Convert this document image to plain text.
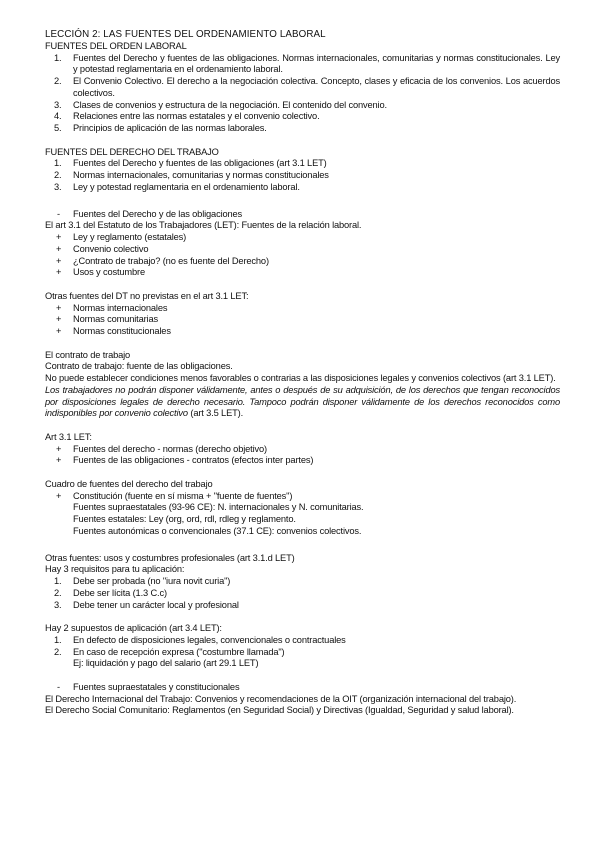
LECCIÓN 2: LAS FUENTES DEL ORDENAMIENTO LABORAL
FUENTES DEL ORDEN LABORAL
1. Fuentes del Derecho y fuentes de las obligaciones. Normas internacionales, comunitarias y normas constitucionales. Ley y potestad reglamentaria en el ordenamiento laboral.
2. El Convenio Colectivo. El derecho a la negociación colectiva. Concepto, clases y eficacia de los convenios. Los acuerdos colectivos.
3. Clases de convenios y estructura de la negociación. El contenido del convenio.
4. Relaciones entre las normas estatales y el convenio colectivo.
5. Principios de aplicación de las normas laborales.
FUENTES DEL DERECHO DEL TRABAJO
1. Fuentes del Derecho y fuentes de las obligaciones (art 3.1 LET)
2. Normas internacionales, comunitarias y normas constitucionales
3. Ley y potestad reglamentaria en el ordenamiento laboral.
- Fuentes del Derecho y de las obligaciones
El art 3.1 del Estatuto de los Trabajadores (LET): Fuentes de la relación laboral.
+ Ley y reglamento (estatales)
+ Convenio colectivo
+ ¿Contrato de trabajo? (no es fuente del Derecho)
+ Usos y costumbre
Otras fuentes del DT no previstas en el art 3.1 LET:
+ Normas internacionales
+ Normas comunitarias
+ Normas constitucionales
El contrato de trabajo
Contrato de trabajo: fuente de las obligaciones.
No puede establecer condiciones menos favorables o contrarias a las disposiciones legales y convenios colectivos (art 3.1 LET).
Los trabajadores no podrán disponer válidamente, antes o después de su adquisición, de los derechos que tengan reconocidos por disposiciones legales de derecho necesario. Tampoco podrán disponer válidamente de los derechos reconocidos como indisponibles por convenio colectivo (art 3.5 LET).
Art 3.1 LET:
+ Fuentes del derecho - normas (derecho objetivo)
+ Fuentes de las obligaciones - contratos (efectos inter partes)
Cuadro de fuentes del derecho del trabajo
+ Constitución (fuente en sí misma + "fuente de fuentes")
Fuentes supraestatales (93-96 CE): N. internacionales y N. comunitarias.
Fuentes estatales: Ley (org, ord, rdl, rdleg y reglamento.
Fuentes autonómicas o convencionales (37.1 CE): convenios colectivos.
Otras fuentes: usos y costumbres profesionales (art 3.1.d LET)
Hay 3 requisitos para tu aplicación:
1. Debe ser probada (no "iura novit curia")
2. Debe ser lícita (1.3 C.c)
3. Debe tener un carácter local y profesional
Hay 2 supuestos de aplicación (art 3.4 LET):
1. En defecto de disposiciones legales, convencionales o contractuales
2. En caso de recepción expresa ("costumbre llamada")
Ej: liquidación y pago del salario (art 29.1 LET)
- Fuentes supraestatales y constitucionales
El Derecho Internacional del Trabajo: Convenios y recomendaciones de la OIT (organización internacional del trabajo).
El Derecho Social Comunitario: Reglamentos (en Seguridad Social) y Directivas (Igualdad, Seguridad y salud laboral).
